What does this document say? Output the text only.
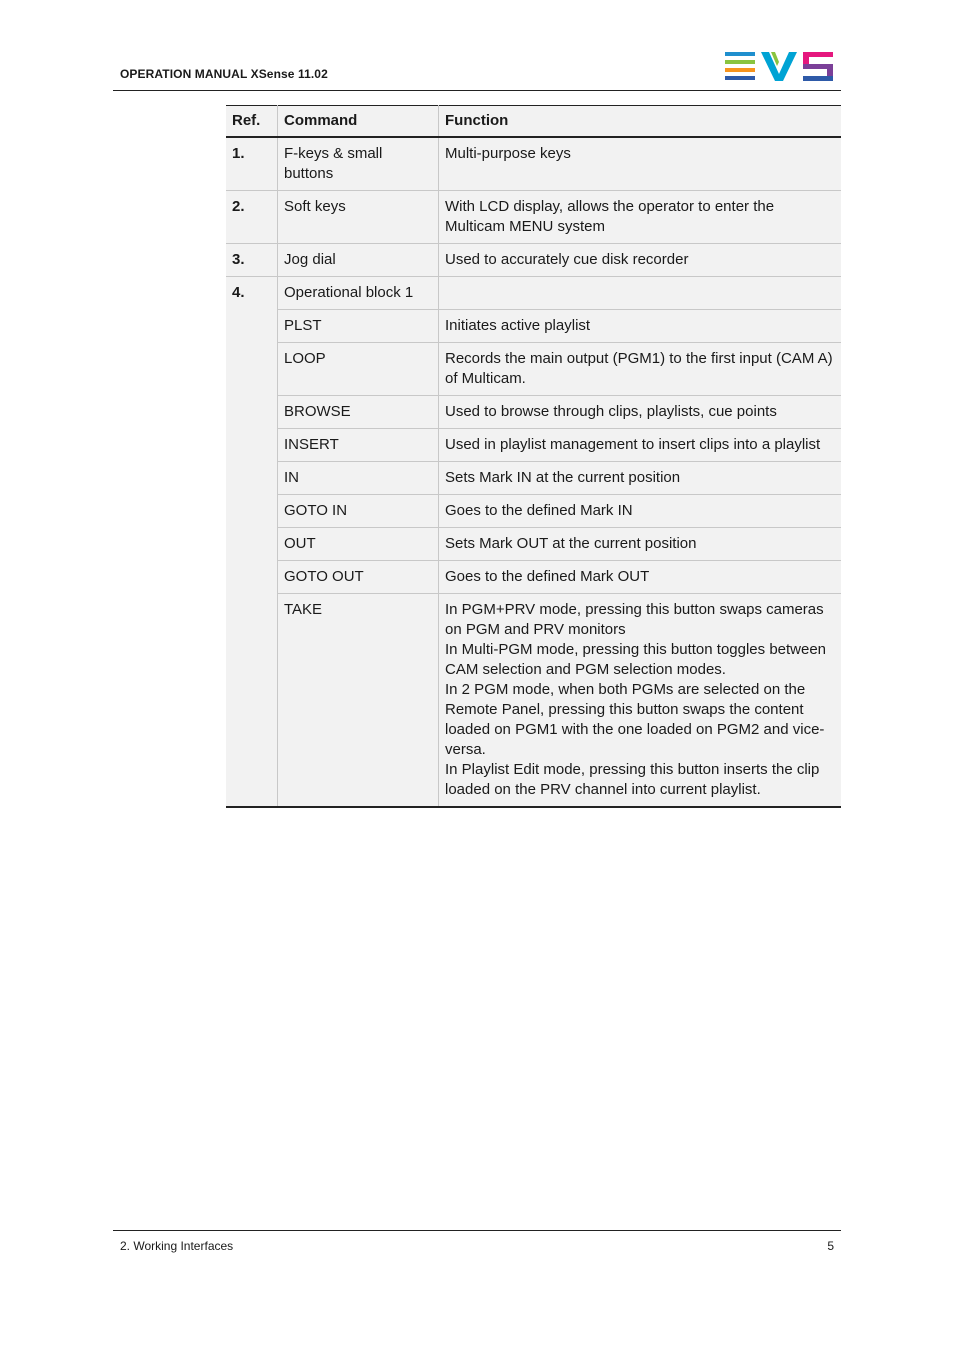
OPERATION MANUAL XSense 11.02
Ref.	Command	Function
1.	F-keys & small buttons	Multi-purpose keys
2.	Soft keys	With LCD display, allows the operator to enter the Multicam MENU system
3.	Jog dial	Used to accurately cue disk recorder
4.	Operational block 1	
	PLST	Initiates active playlist
	LOOP	Records the main output (PGM1) to the first input (CAM A) of Multicam.
	BROWSE	Used to browse through clips, playlists, cue points
	INSERT	Used in playlist management to insert clips into a playlist
	IN	Sets Mark IN at the current position
	GOTO IN	Goes to the defined Mark IN
	OUT	Sets Mark OUT at the current position
	GOTO OUT	Goes to the defined Mark OUT
	TAKE	In PGM+PRV mode, pressing this button swaps cameras on PGM and PRV monitors
In Multi-PGM mode, pressing this button toggles between CAM selection and PGM selection modes.
In 2 PGM mode, when both PGMs are selected on the Remote Panel, pressing this button swaps the content loaded on PGM1 with the one loaded on PGM2 and vice-versa.
In Playlist Edit mode, pressing this button inserts the clip loaded on the PRV channel into current playlist.
2. Working Interfaces	5
